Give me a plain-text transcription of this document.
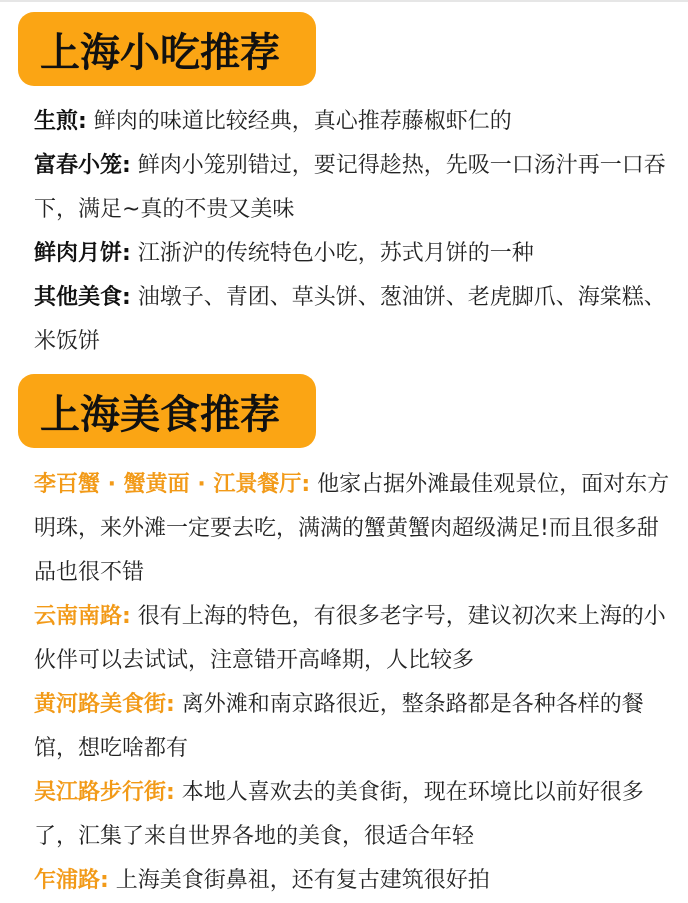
上海小吃推荐

生煎: 鲜肉的味道比较经典，真心推荐藤椒虾仁的

富春小笼: 鲜肉小笼别错过，要记得趁热，先吸一口汤汁再一口吞下，满足~真的不贵又美味

鲜肉月饼: 江浙沪的传统特色小吃，苏式月饼的一种

其他美食: 油墩子、青团、草头饼、葱油饼、老虎脚爪、海棠糕、米饭饼

上海美食推荐

李百蟹 · 蟹黄面 · 江景餐厅: 他家占据外滩最佳观景位，面对东方明珠，来外滩一定要去吃，满满的蟹黄蟹肉超级满足!而且很多甜品也很不错

云南南路: 很有上海的特色，有很多老字号，建议初次来上海的小伙伴可以去试试，注意错开高峰期，人比较多

黄河路美食街: 离外滩和南京路很近，整条路都是各种各样的餐馆，想吃啥都有

吴江路步行街: 本地人喜欢去的美食街，现在环境比以前好很多了，汇集了来自世界各地的美食，很适合年轻

乍浦路: 上海美食街鼻祖，还有复古建筑很好拍
